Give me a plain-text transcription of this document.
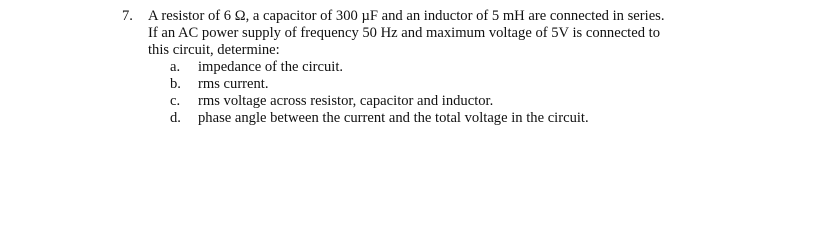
7.	A resistor of 6 Ω, a capacitor of 300 µF and an inductor of 5 mH are connected in series.
If an AC power supply of frequency 50 Hz and maximum voltage of 5V is connected to
this circuit, determine:
a.	impedance of the circuit.
b.	rms current.
c.	rms voltage across resistor, capacitor and inductor.
d.	phase angle between the current and the total voltage in the circuit.
